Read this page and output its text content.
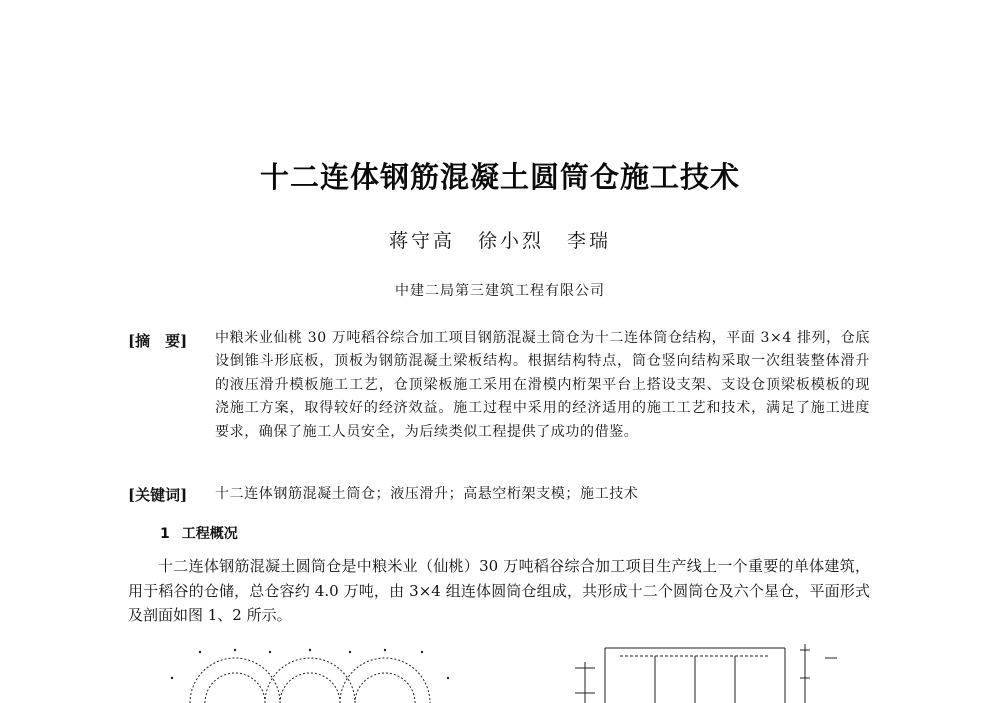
十二连体钢筋混凝土圆筒仓施工技术
蒋守高 徐小烈 李瑞
中建二局第三建筑工程有限公司
[摘　要] 中粮米业仙桃 30 万吨稻谷综合加工项目钢筋混凝土筒仓为十二连体筒仓结构，平面 3×4 排列，仓底设倒锥斗形底板，顶板为钢筋混凝土梁板结构。根据结构特点，筒仓竖向结构采取一次组装整体滑升的液压滑升模板施工工艺，仓顶梁板施工采用在滑模内桁架平台上搭设支架、支设仓顶梁板模板的现浇施工方案，取得较好的经济效益。施工过程中采用的经济适用的施工工艺和技术，满足了施工进度要求，确保了施工人员安全，为后续类似工程提供了成功的借鉴。
[关键词] 十二连体钢筋混凝土筒仓；液压滑升；高悬空桁架支模；施工技术
1 工程概况
十二连体钢筋混凝土圆筒仓是中粮米业（仙桃）30 万吨稻谷综合加工项目生产线上一个重要的单体建筑，用于稻谷的仓储，总仓容约 4.0 万吨，由 3×4 组连体圆筒仓组成，共形成十二个圆筒仓及六个星仓，平面形式及剖面如图 1、2 所示。
